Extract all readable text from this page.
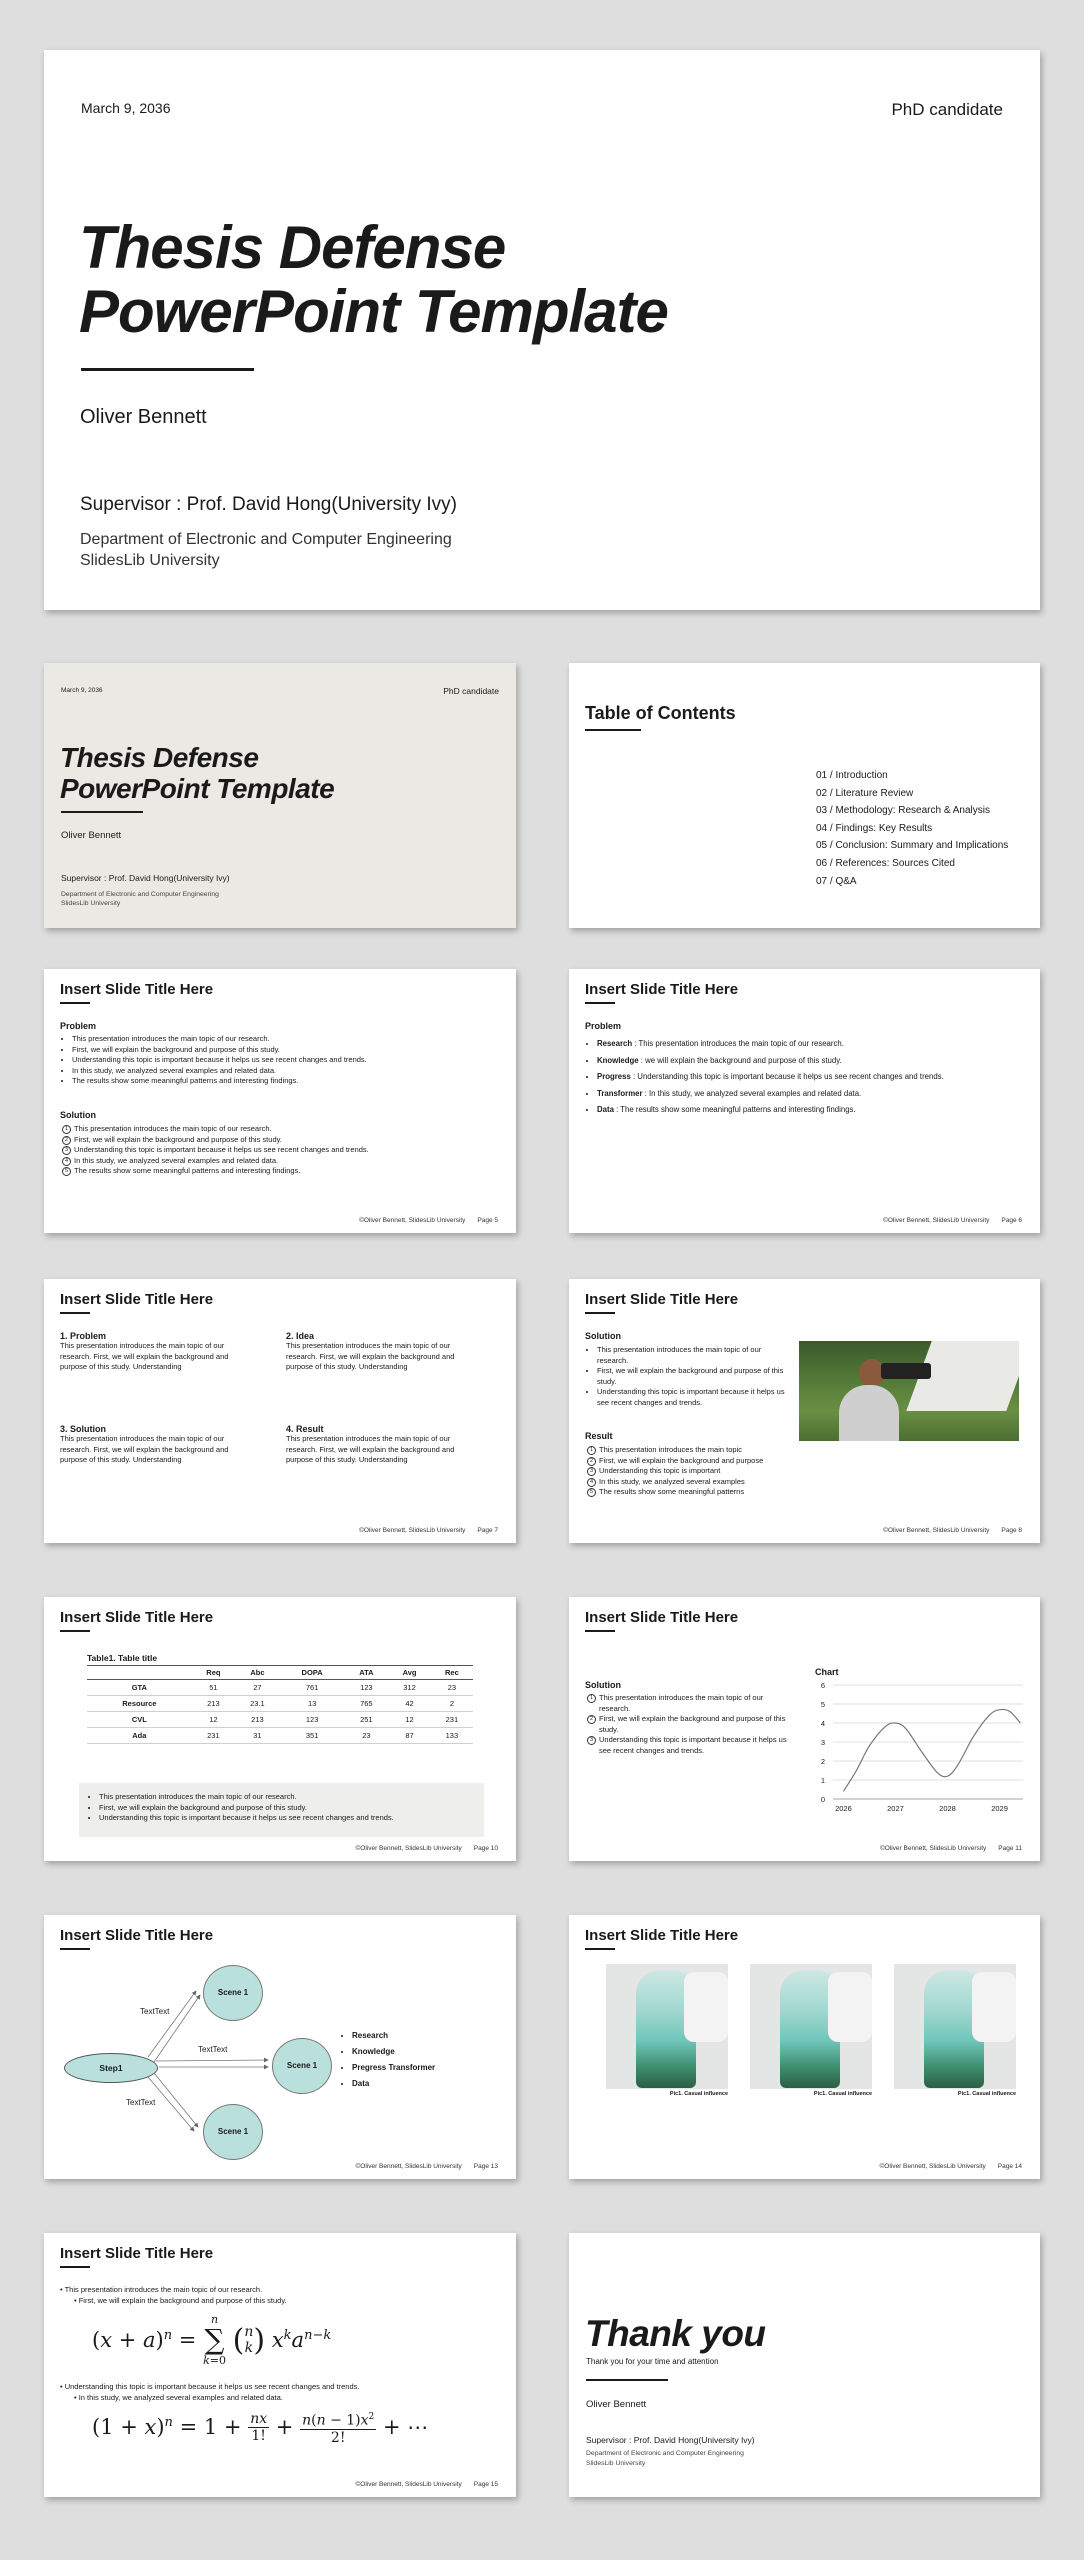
March 9, 2036	PhD candidate
Thesis Defense
PowerPoint Template
Oliver Bennett
Supervisor : Prof. David Hong(University Ivy)
Department of Electronic and Computer Engineering
SlidesLib University
March 9, 2036	PhD candidate
Thesis Defense
PowerPoint Template
Oliver Bennett
Supervisor : Prof. David Hong(University Ivy)
Department of Electronic and Computer Engineering
SlidesLib University
Table of Contents
01 / Introduction
02 / Literature Review
03 / Methodology: Research & Analysis
04 / Findings: Key Results
05 / Conclusion: Summary and Implications
06 / References: Sources Cited
07 / Q&A
Insert Slide Title Here
Problem
• This presentation introduces the main topic of our research.
• First, we will explain the background and purpose of this study.
• Understanding this topic is important because it helps us see recent changes and trends.
• In this study, we analyzed several examples and related data.
• The results show some meaningful patterns and interesting findings.
Solution
1 This presentation introduces the main topic of our research.
2 First, we will explain the background and purpose of this study.
3 Understanding this topic is important because it helps us see recent changes and trends.
4 In this study, we analyzed several examples and related data.
5 The results show some meaningful patterns and interesting findings.
©Oliver Bennett, SlidesLib University Page 5
Insert Slide Title Here
Problem
• Research : This presentation introduces the main topic of our research.
• Knowledge : we will explain the background and purpose of this study.
• Progress : Understanding this topic is important because it helps us see recent changes and trends.
• Transformer : In this study, we analyzed several examples and related data.
• Data : The results show some meaningful patterns and interesting findings.
©Oliver Bennett, SlidesLib University Page 6
Insert Slide Title Here
1. Problem
This presentation introduces the main topic of our research. First, we will explain the background and purpose of this study. Understanding
2. Idea
This presentation introduces the main topic of our research. First, we will explain the background and purpose of this study. Understanding
3. Solution
This presentation introduces the main topic of our research. First, we will explain the background and purpose of this study. Understanding
4. Result
This presentation introduces the main topic of our research. First, we will explain the background and purpose of this study. Understanding
©Oliver Bennett, SlidesLib University Page 7
Insert Slide Title Here
Solution
• This presentation introduces the main topic of our research.
• First, we will explain the background and purpose of this study.
• Understanding this topic is important because it helps us see recent changes and trends.
Result
1 This presentation introduces the main topic
2 First, we will explain the background and purpose
3 Understanding this topic is important
4 In this study, we analyzed several examples
5 The results show some meaningful patterns
©Oliver Bennett, SlidesLib University Page 8
Insert Slide Title Here
Table1. Table title
	Req	Abc	DOPA	ATA	Avg	Rec
GTA	51	27	761	123	312	23
Resource	213	23.1	13	765	42	2
CVL	12	213	123	251	12	231
Ada	231	31	351	23	87	133
• This presentation introduces the main topic of our research.
• First, we will explain the background and purpose of this study.
• Understanding this topic is important because it helps us see recent changes and trends.
©Oliver Bennett, SlidesLib University Page 10
Insert Slide Title Here
Solution
1 This presentation introduces the main topic of our research.
2 First, we will explain the background and purpose of this study.
3 Understanding this topic is important because it helps us see recent changes and trends.
Chart
0
1
2
3
4
5
6
2026	2027	2028	2029
©Oliver Bennett, SlidesLib University Page 11
Insert Slide Title Here
Step1
Scene 1
Scene 1
Scene 1
TextText
TextText
TextText
• Research
• Knowledge
• Pregress Transformer
• Data
©Oliver Bennett, SlidesLib University Page 13
Insert Slide Title Here
Pic1. Casual influence	Pic1. Casual influence	Pic1. Casual influence
©Oliver Bennett, SlidesLib University Page 14
Insert Slide Title Here
• This presentation introduces the main topic of our research.
• First, we will explain the background and purpose of this study.
$(x + a)^n$ =
n
∑
k=0
(n
k) $x^ka^{n-k}$
• Understanding this topic is important because it helps us see recent changes and trends.
• In this study, we analyzed several examples and related data.
$(1 + x)^n = 1 + \frac{nx}{1!} + \frac{n(n - 1)x^2}{2!}$ + ⋯
©Oliver Bennett, SlidesLib University Page 15
Thank you
Thank you for your time and attention
Oliver Bennett
Supervisor : Prof. David Hong(University Ivy)
Department of Electronic and Computer Engineering
SlidesLib University
